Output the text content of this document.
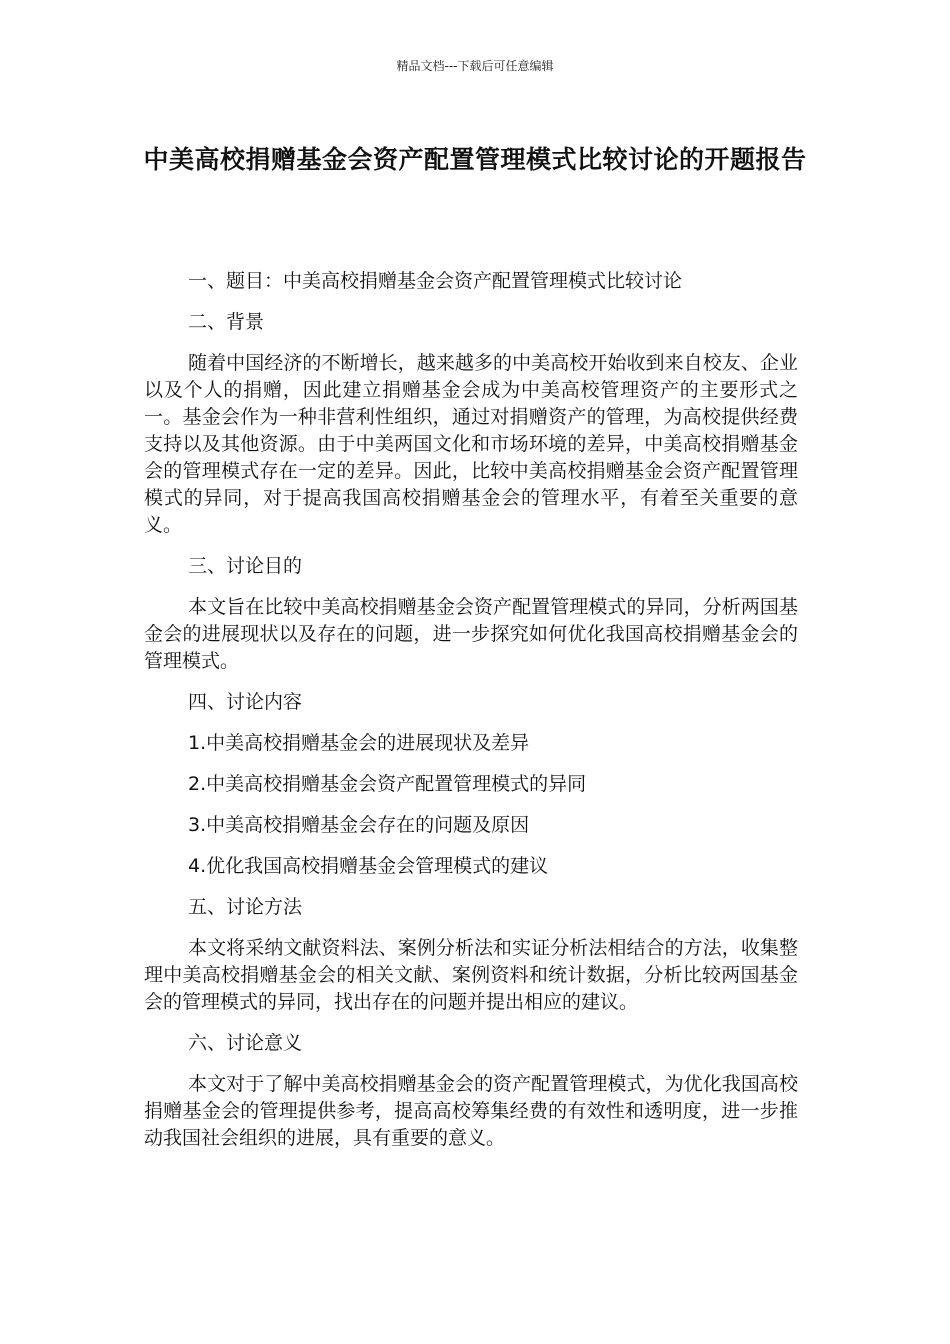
精品文档---下载后可任意编辑
中美高校捐赠基金会资产配置管理模式比较讨论的开题报告

一、题目：中美高校捐赠基金会资产配置管理模式比较讨论

二、背景

随着中国经济的不断增长，越来越多的中美高校开始收到来自校友、企业以及个人的捐赠，因此建立捐赠基金会成为中美高校管理资产的主要形式之一。基金会作为一种非营利性组织，通过对捐赠资产的管理，为高校提供经费支持以及其他资源。由于中美两国文化和市场环境的差异，中美高校捐赠基金会的管理模式存在一定的差异。因此，比较中美高校捐赠基金会资产配置管理模式的异同，对于提高我国高校捐赠基金会的管理水平，有着至关重要的意义。

三、讨论目的

本文旨在比较中美高校捐赠基金会资产配置管理模式的异同，分析两国基金会的进展现状以及存在的问题，进一步探究如何优化我国高校捐赠基金会的管理模式。

四、讨论内容

1.中美高校捐赠基金会的进展现状及差异

2.中美高校捐赠基金会资产配置管理模式的异同

3.中美高校捐赠基金会存在的问题及原因

4.优化我国高校捐赠基金会管理模式的建议

五、讨论方法

本文将采纳文献资料法、案例分析法和实证分析法相结合的方法，收集整理中美高校捐赠基金会的相关文献、案例资料和统计数据，分析比较两国基金会的管理模式的异同，找出存在的问题并提出相应的建议。

六、讨论意义

本文对于了解中美高校捐赠基金会的资产配置管理模式，为优化我国高校捐赠基金会的管理提供参考，提高高校筹集经费的有效性和透明度，进一步推动我国社会组织的进展，具有重要的意义。
